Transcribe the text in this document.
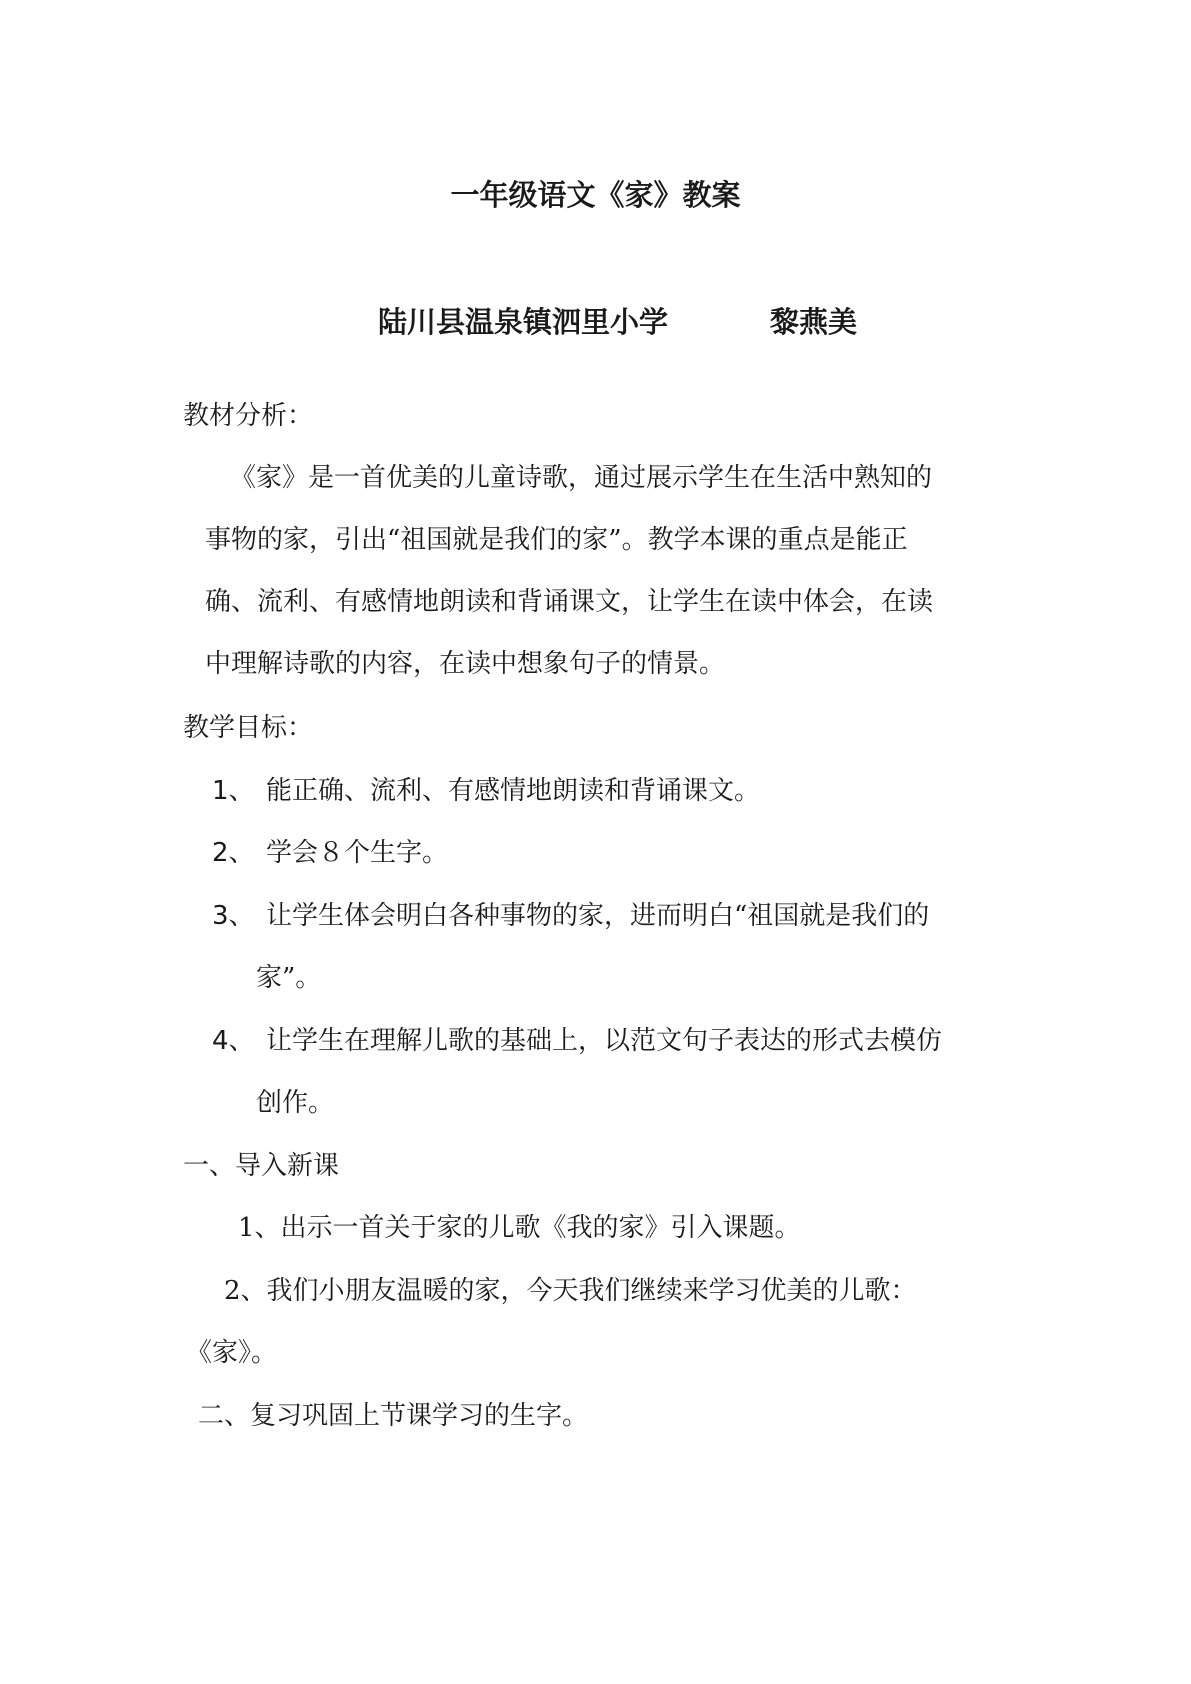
一年级语文《家》教案
陆川县温泉镇泗里小学	黎燕美
教材分析：
《家》是一首优美的儿童诗歌，通过展示学生在生活中熟知的
事物的家，引出“祖国就是我们的家”。教学本课的重点是能正
确、流利、有感情地朗读和背诵课文，让学生在读中体会，在读
中理解诗歌的内容，在读中想象句子的情景。
教学目标：
1、 能正确、流利、有感情地朗读和背诵课文。
2、 学会８个生字。
3、 让学生体会明白各种事物的家，进而明白“祖国就是我们的
家”。
4、 让学生在理解儿歌的基础上，以范文句子表达的形式去模仿
创作。
一、导入新课
1、出示一首关于家的儿歌《我的家》引入课题。
2、我们小朋友温暖的家，今天我们继续来学习优美的儿歌：
《家》。
二、复习巩固上节课学习的生字。
